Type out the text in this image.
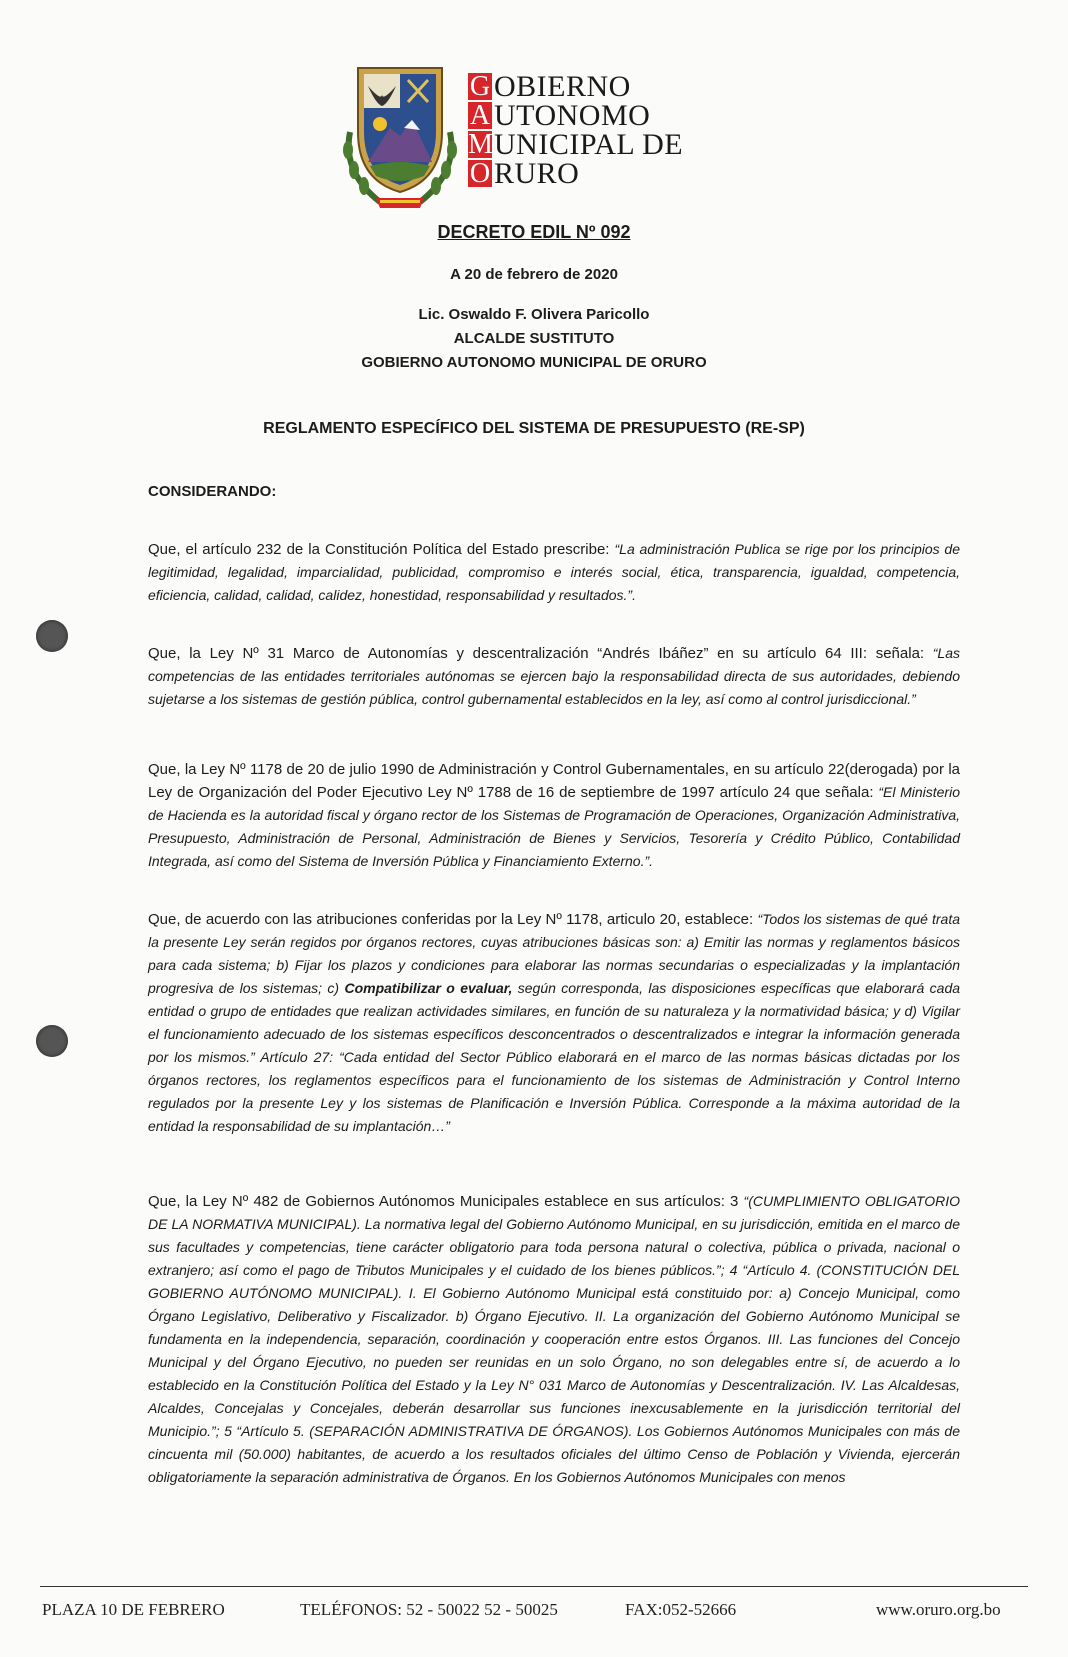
G OBIERNO
A UTONOMO
M UNICIPAL DE
O RURO
DECRETO EDIL Nº 092
A 20 de febrero de 2020
Lic. Oswaldo F. Olivera Paricollo
ALCALDE SUSTITUTO
GOBIERNO AUTONOMO MUNICIPAL DE ORURO
REGLAMENTO ESPECÍFICO DEL SISTEMA DE PRESUPUESTO (RE-SP)
CONSIDERANDO:
Que, el artículo 232 de la Constitución Política del Estado prescribe: “La administración Publica se rige por los principios de legitimidad, legalidad, imparcialidad, publicidad, compromiso e interés social, ética, transparencia, igualdad, competencia, eficiencia, calidad, calidad, calidez, honestidad, responsabilidad y resultados.”.
Que, la Ley Nº 31 Marco de Autonomías y descentralización “Andrés Ibáñez” en su artículo 64 III: señala: “Las competencias de las entidades territoriales autónomas se ejercen bajo la responsabilidad directa de sus autoridades, debiendo sujetarse a los sistemas de gestión pública, control gubernamental establecidos en la ley, así como al control jurisdiccional.”
Que, la Ley Nº 1178 de 20 de julio 1990 de Administración y Control Gubernamentales, en su artículo 22(derogada) por la Ley de Organización del Poder Ejecutivo Ley Nº 1788 de 16 de septiembre de 1997 artículo 24 que señala: “El Ministerio de Hacienda es la autoridad fiscal y órgano rector de los Sistemas de Programación de Operaciones, Organización Administrativa, Presupuesto, Administración de Personal, Administración de Bienes y Servicios, Tesorería y Crédito Público, Contabilidad Integrada, así como del Sistema de Inversión Pública y Financiamiento Externo.”.
Que, de acuerdo con las atribuciones conferidas por la Ley Nº 1178, articulo 20, establece: “Todos los sistemas de qué trata la presente Ley serán regidos por órganos rectores, cuyas atribuciones básicas son: a) Emitir las normas y reglamentos básicos para cada sistema; b) Fijar los plazos y condiciones para elaborar las normas secundarias o especializadas y la implantación progresiva de los sistemas; c) Compatibilizar o evaluar, según corresponda, las disposiciones específicas que elaborará cada entidad o grupo de entidades que realizan actividades similares, en función de su naturaleza y la normatividad básica; y d) Vigilar el funcionamiento adecuado de los sistemas específicos desconcentrados o descentralizados e integrar la información generada por los mismos.” Artículo 27: “Cada entidad del Sector Público elaborará en el marco de las normas básicas dictadas por los órganos rectores, los reglamentos específicos para el funcionamiento de los sistemas de Administración y Control Interno regulados por la presente Ley y los sistemas de Planificación e Inversión Pública. Corresponde a la máxima autoridad de la entidad la responsabilidad de su implantación…”
Que, la Ley Nº 482 de Gobiernos Autónomos Municipales establece en sus artículos: 3 “(CUMPLIMIENTO OBLIGATORIO DE LA NORMATIVA MUNICIPAL). La normativa legal del Gobierno Autónomo Municipal, en su jurisdicción, emitida en el marco de sus facultades y competencias, tiene carácter obligatorio para toda persona natural o colectiva, pública o privada, nacional o extranjero; así como el pago de Tributos Municipales y el cuidado de los bienes públicos.”; 4 “Artículo 4. (CONSTITUCIÓN DEL GOBIERNO AUTÓNOMO MUNICIPAL). I. El Gobierno Autónomo Municipal está constituido por: a) Concejo Municipal, como Órgano Legislativo, Deliberativo y Fiscalizador. b) Órgano Ejecutivo. II. La organización del Gobierno Autónomo Municipal se fundamenta en la independencia, separación, coordinación y cooperación entre estos Órganos. III. Las funciones del Concejo Municipal y del Órgano Ejecutivo, no pueden ser reunidas en un solo Órgano, no son delegables entre sí, de acuerdo a lo establecido en la Constitución Política del Estado y la Ley N° 031 Marco de Autonomías y Descentralización. IV. Las Alcaldesas, Alcaldes, Concejalas y Concejales, deberán desarrollar sus funciones inexcusablemente en la jurisdicción territorial del Municipio.”; 5 “Artículo 5. (SEPARACIÓN ADMINISTRATIVA DE ÓRGANOS). Los Gobiernos Autónomos Municipales con más de cincuenta mil (50.000) habitantes, de acuerdo a los resultados oficiales del último Censo de Población y Vivienda, ejercerán obligatoriamente la separación administrativa de Órganos. En los Gobiernos Autónomos Municipales con menos
PLAZA 10 DE FEBRERO	TELÉFONOS: 52 - 50022 52 - 50025	FAX:052-52666	www.oruro.org.bo
